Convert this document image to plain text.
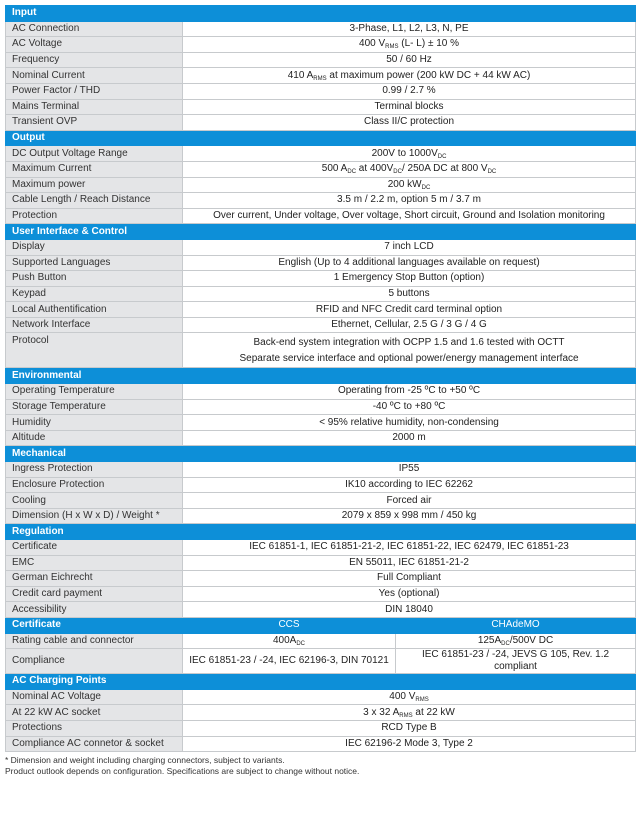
Input		
AC Connection	3-Phase, L1, L2, L3, N, PE	
AC Voltage	400 $V_{RMS}$ (L- L) ± 10 %	
Frequency	50 / 60 Hz	
Nominal Current	410 $A_{RMS}$ at maximum power (200 kW DC + 44 kW AC)	
Power Factor / THD	0.99 / 2.7 %	
Mains Terminal	Terminal blocks	
Transient OVP	Class II/C protection	
Output		
DC Output Voltage Range	200V to $1000V_{DC}$
Maximum Current	500 $A_{DC}$ at $400V_{DC}/$ 250A DC at 800 $V_{DC}$
Maximum power	200 $kW_{DC}$
Cable Length / Reach Distance	3.5 m / 2.2 m, option 5 m / 3.7 m	
Protection	Over current, Under voltage, Over voltage, Short circuit, Ground and Isolation monitoring	
User Interface & Control		
Display	7 inch LCD	
Supported Languages	English (Up to 4 additional languages available on request)	
Push Button	1 Emergency Stop Button (option)	
Keypad	5 buttons	
Local Authentification	RFID and NFC Credit card terminal option	
Network Interface	Ethernet, Cellular, 2.5 G / 3 G / 4 G	
Protocol	Back-end system integration with OCPP 1.5 and 1.6 tested with OCTT
Separate service interface and optional power/energy management interface	

Environmental		
Operating Temperature	Operating from -25 ºC to +50 ºC	
Storage Temperature	-40 ºC to +80 ºC	
Humidity	< 95% relative humidity, non-condensing	
Altitude	2000 m	
Mechanical		
Ingress Protection	IP55	
Enclosure Protection	IK10 according to IEC 62262	
Cooling	Forced air	
Dimension (H x W x D) / Weight *	2079 x 859 x 998 mm / 450 kg	
Regulation		
Certificate	IEC 61851-1, IEC 61851-21-2, IEC 61851-22, IEC 62479, IEC 61851-23	
EMC	EN 55011, IEC 61851-21-2	
German Eichrecht	Full Compliant	
Credit card payment	Yes (optional)	
Accessibility	DIN 18040	
Certificate	CCS	CHAdeMO
Rating cable and connector	$400A_{DC}$	$125A_{DC}/500V$ DC
Compliance	IEC 61851-23 / -24, IEC 62196-3, DIN 70121	IEC 61851-23 / -24, JEVS G 105, Rev. 1.2 compliant
AC Charging Points		
Nominal AC Voltage	400 $V_{RMS}$
At 22 kW AC socket	3 x 32 $A_{RMS}$ at 22 kW	
Protections	RCD Type B	
Compliance AC connetor & socket	IEC 62196-2 Mode 3, Type 2	
* Dimension and weight including charging connectors, subject to variants.
Product outlook depends on configuration. Specifications are subject to change without notice.
